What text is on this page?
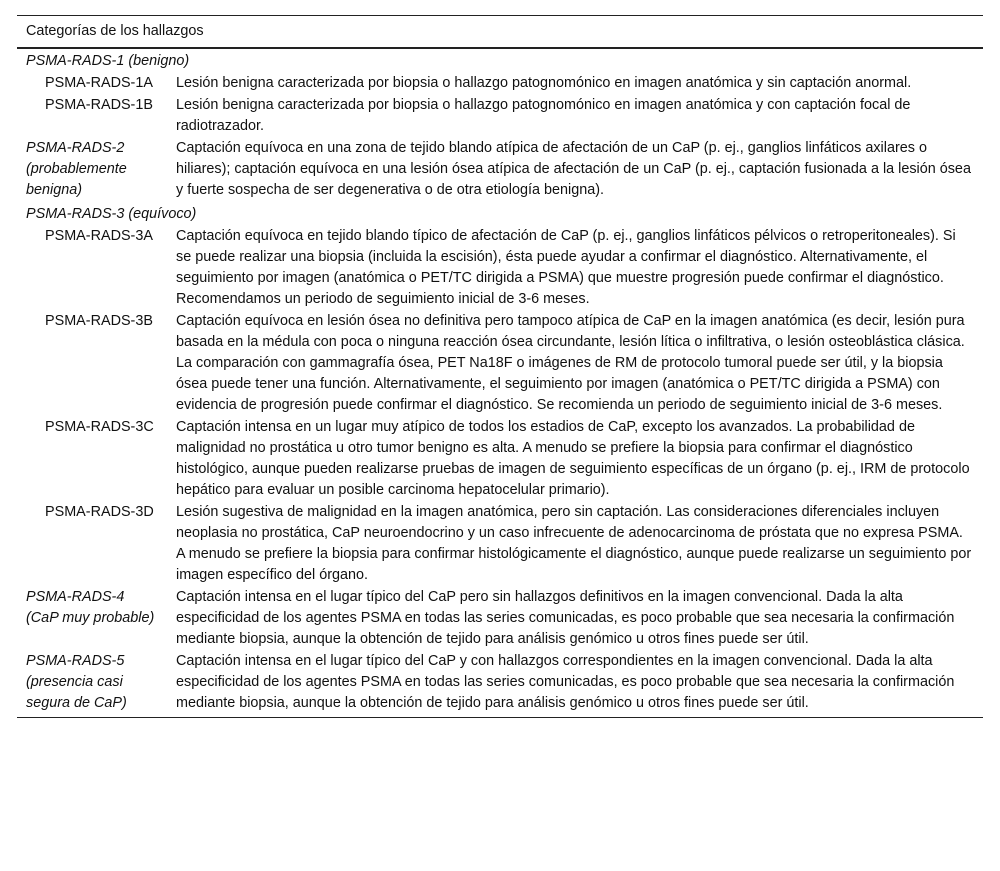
Categorías de los hallazgos	
PSMA-RADS-1 (benigno)	
PSMA-RADS-1A	Lesión benigna caracterizada por biopsia o hallazgo patognomónico en imagen anatómica y sin captación anormal.
PSMA-RADS-1B	Lesión benigna caracterizada por biopsia o hallazgo patognomónico en imagen anatómica y con captación focal de radiotrazador.
PSMA-RADS-2 (probablemente benigna)	Captación equívoca en una zona de tejido blando atípica de afectación de un CaP (p. ej., ganglios linfáticos axilares o hiliares); captación equívoca en una lesión ósea atípica de afectación de un CaP (p. ej., captación fusionada a la lesión ósea y fuerte sospecha de ser degenerativa o de otra etiología benigna).
PSMA-RADS-3 (equívoco)	
PSMA-RADS-3A	Captación equívoca en tejido blando típico de afectación de CaP (p. ej., ganglios linfáticos pélvicos o retroperitoneales). Si se puede realizar una biopsia (incluida la escisión), ésta puede ayudar a confirmar el diagnóstico. Alternativamente, el seguimiento por imagen (anatómica o PET/TC dirigida a PSMA) que muestre progresión puede confirmar el diagnóstico. Recomendamos un periodo de seguimiento inicial de 3-6 meses.
PSMA-RADS-3B	Captación equívoca en lesión ósea no definitiva pero tampoco atípica de CaP en la imagen anatómica (es decir, lesión pura basada en la médula con poca o ninguna reacción ósea circundante, lesión lítica o infiltrativa, o lesión osteoblástica clásica. La comparación con gammagrafía ósea, PET Na18F o imágenes de RM de protocolo tumoral puede ser útil, y la biopsia ósea puede tener una función. Alternativamente, el seguimiento por imagen (anatómica o PET/TC dirigida a PSMA) con evidencia de progresión puede confirmar el diagnóstico. Se recomienda un periodo de seguimiento inicial de 3-6 meses.
PSMA-RADS-3C	Captación intensa en un lugar muy atípico de todos los estadios de CaP, excepto los avanzados. La probabilidad de malignidad no prostática u otro tumor benigno es alta. A menudo se prefiere la biopsia para confirmar el diagnóstico histológico, aunque pueden realizarse pruebas de imagen de seguimiento específicas de un órgano (p. ej., IRM de protocolo hepático para evaluar un posible carcinoma hepatocelular primario).
PSMA-RADS-3D	Lesión sugestiva de malignidad en la imagen anatómica, pero sin captación. Las consideraciones diferenciales incluyen neoplasia no prostática, CaP neuroendocrino y un caso infrecuente de adenocarcinoma de próstata que no expresa PSMA. A menudo se prefiere la biopsia para confirmar histológicamente el diagnóstico, aunque puede realizarse un seguimiento por imagen específico del órgano.
PSMA-RADS-4 (CaP muy probable)	Captación intensa en el lugar típico del CaP pero sin hallazgos definitivos en la imagen convencional. Dada la alta especificidad de los agentes PSMA en todas las series comunicadas, es poco probable que sea necesaria la confirmación mediante biopsia, aunque la obtención de tejido para análisis genómico u otros fines puede ser útil.
PSMA-RADS-5 (presencia casi segura de CaP)	Captación intensa en el lugar típico del CaP y con hallazgos correspondientes en la imagen convencional. Dada la alta especificidad de los agentes PSMA en todas las series comunicadas, es poco probable que sea necesaria la confirmación mediante biopsia, aunque la obtención de tejido para análisis genómico u otros fines puede ser útil.
